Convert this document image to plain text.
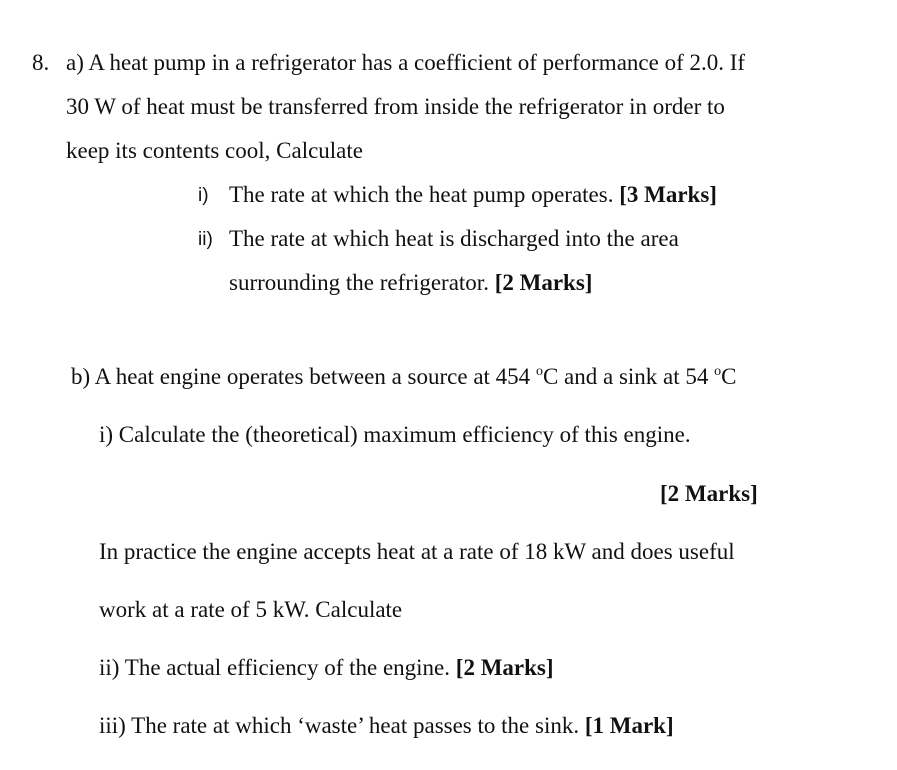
8. a) A heat pump in a refrigerator has a coefficient of performance of 2.0. If
30 W of heat must be transferred from inside the refrigerator in order to
keep its contents cool, Calculate
i) The rate at which the heat pump operates. [3 Marks]
ii) The rate at which heat is discharged into the area
surrounding the refrigerator. [2 Marks]
b) A heat engine operates between a source at 454 $^o$C and a sink at 54 $^o$C
i) Calculate the (theoretical) maximum efficiency of this engine.
[2 Marks]
In practice the engine accepts heat at a rate of 18 kW and does useful
work at a rate of 5 kW. Calculate
ii) The actual efficiency of the engine. [2 Marks]
iii) The rate at which ‘waste’ heat passes to the sink. [1 Mark]
